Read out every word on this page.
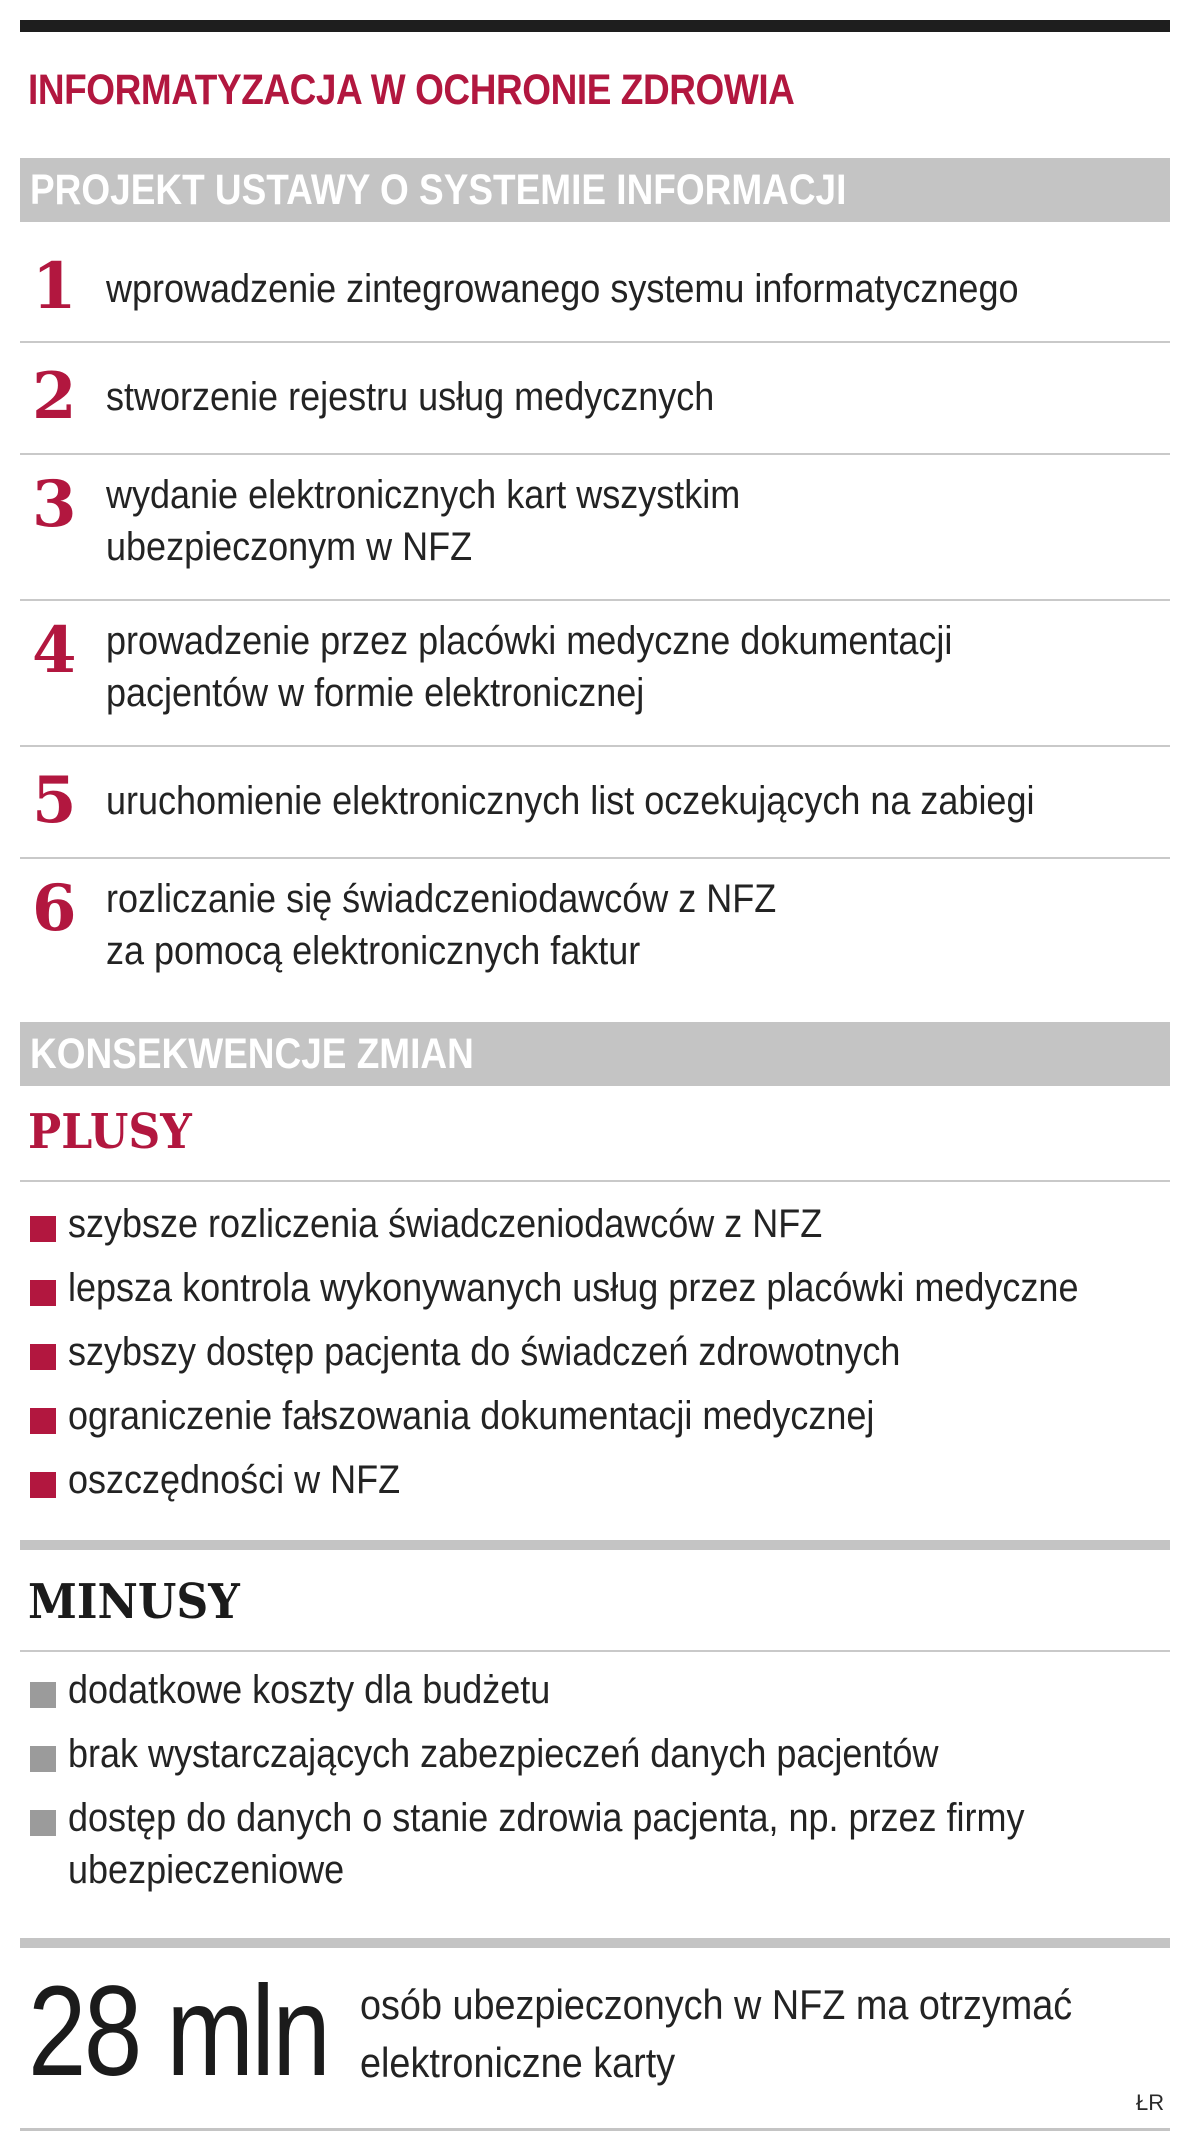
INFORMATYZACJA W OCHRONIE ZDROWIA
PROJEKT USTAWY O SYSTEMIE INFORMACJI
1 wprowadzenie zintegrowanego systemu informatycznego
2 stworzenie rejestru usług medycznych
3 wydanie elektronicznych kart wszystkim
ubezpieczonym w NFZ
4 prowadzenie przez placówki medyczne dokumentacji
pacjentów w formie elektronicznej
5 uruchomienie elektronicznych list oczekujących na zabiegi
6 rozliczanie się świadczeniodawców z NFZ
za pomocą elektronicznych faktur
KONSEKWENCJE ZMIAN
PLUSY
szybsze rozliczenia świadczeniodawców z NFZ
lepsza kontrola wykonywanych usług przez placówki medyczne
szybszy dostęp pacjenta do świadczeń zdrowotnych
ograniczenie fałszowania dokumentacji medycznej
oszczędności w NFZ
MINUSY
dodatkowe koszty dla budżetu
brak wystarczających zabezpieczeń danych pacjentów
dostęp do danych o stanie zdrowia pacjenta, np. przez firmy
ubezpieczeniowe
28 mln osób ubezpieczonych w NFZ ma otrzymać
elektroniczne karty
ŁR
